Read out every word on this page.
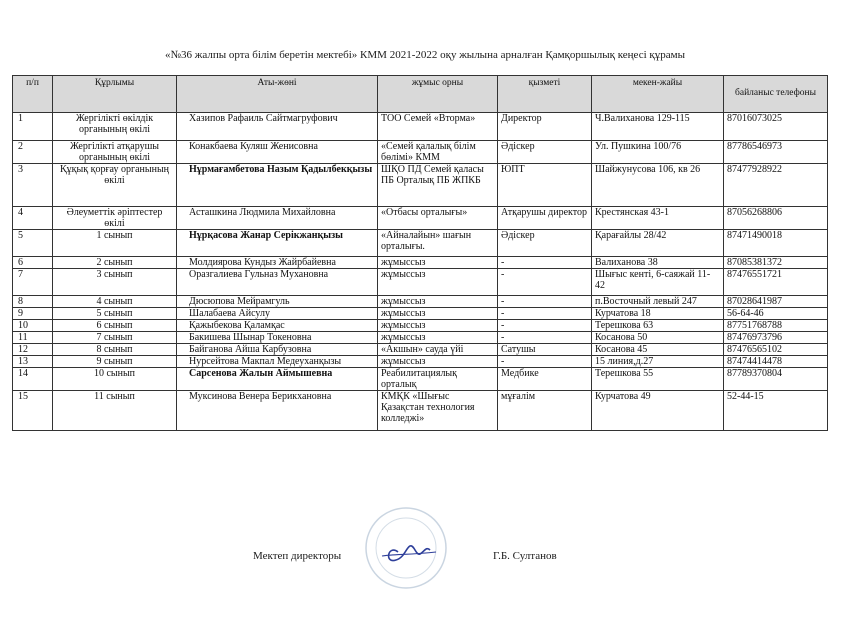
«№36 жалпы орта білім беретін мектебі» КММ 2021-2022 оқу жылына арналған Қамқоршылық кеңесі құрамы
п/п	Құрлымы	Аты-жөні	жұмыс орны	қызметі	мекен-жайы	байланыс телефоны
1	Жергілікті өкілдік органының өкілі	Хазипов Рафаиль Сайтмагруфович	ТОО Семей «Вторма»	Директор	Ч.Валиханова 129-115	87016073025
2	Жергілікті атқарушы органының өкілі	Конакбаева Куляш Женисовна	«Семей қалалық білім бөлімі» КММ	Әдіскер	Ул. Пушкина 100/76	87786546973
3	Құқық қорғау органының өкілі	Нұрмағамбетова Назым Қадылбекқызы	ШҚО ПД Семей қаласы ПБ Орталық ПБ ЖПКБ	ЮПТ	Шайжунусова 106, кв 26	87477928922
4	Әлеуметтік әріптестер өкілі	Асташкина Людмила Михайловна	«Отбасы орталығы»	Атқарушы директор	Крестянская 43-1	87056268806
5	1 сынып	Нұрқасова Жанар Серікжанқызы	«Айналайын» шағын орталығы.	Әдіскер	Қарағайлы 28/42	87471490018
6	2 сынып	Молдиярова Кундыз Жайрбайевна	жұмыссыз	-	Валиханова 38	87085381372
7	3 сынып	Оразгалиева Гульназ Мухановна	жұмыссыз	-	Шығыс кенті, 6-саяжай 11-42	87476551721
8	4 сынып	Дюсюпова Мейрамгуль	жұмыссыз	-	п.Восточный левый 247	87028641987
9	5 сынып	Шалабаева Айсулу	жұмыссыз	-	Курчатова 18	56-64-46
10	6 сынып	Қажыбекова Қаламқас	жұмыссыз	-	Терешкова 63	87751768788
11	7 сынып	Бакишева Шынар Токеновна	жұмыссыз	-	Косанова 50	87476973796
12	8 сынып	Байганова Айша Карбузовна	«Акшын» сауда үйі	Сатушы	Косанова 45	87476565102
13	9 сынып	Нурсейтова Макпал Медеуханқызы	жұмыссыз	-	15 линия,д.27	87474414478
14	10 сынып	Сарсенова Жалын Аймышевна	Реабилитациялық орталық	Медбике	Терешкова 55	87789370804
15	11 сынып	Муксинова Венера Берикхановна	КМҚК «Шығыс Қазақстан технология колледжі»	мұғалім	Курчатова 49	52-44-15
Мектеп директоры	Г.Б. Султанов
